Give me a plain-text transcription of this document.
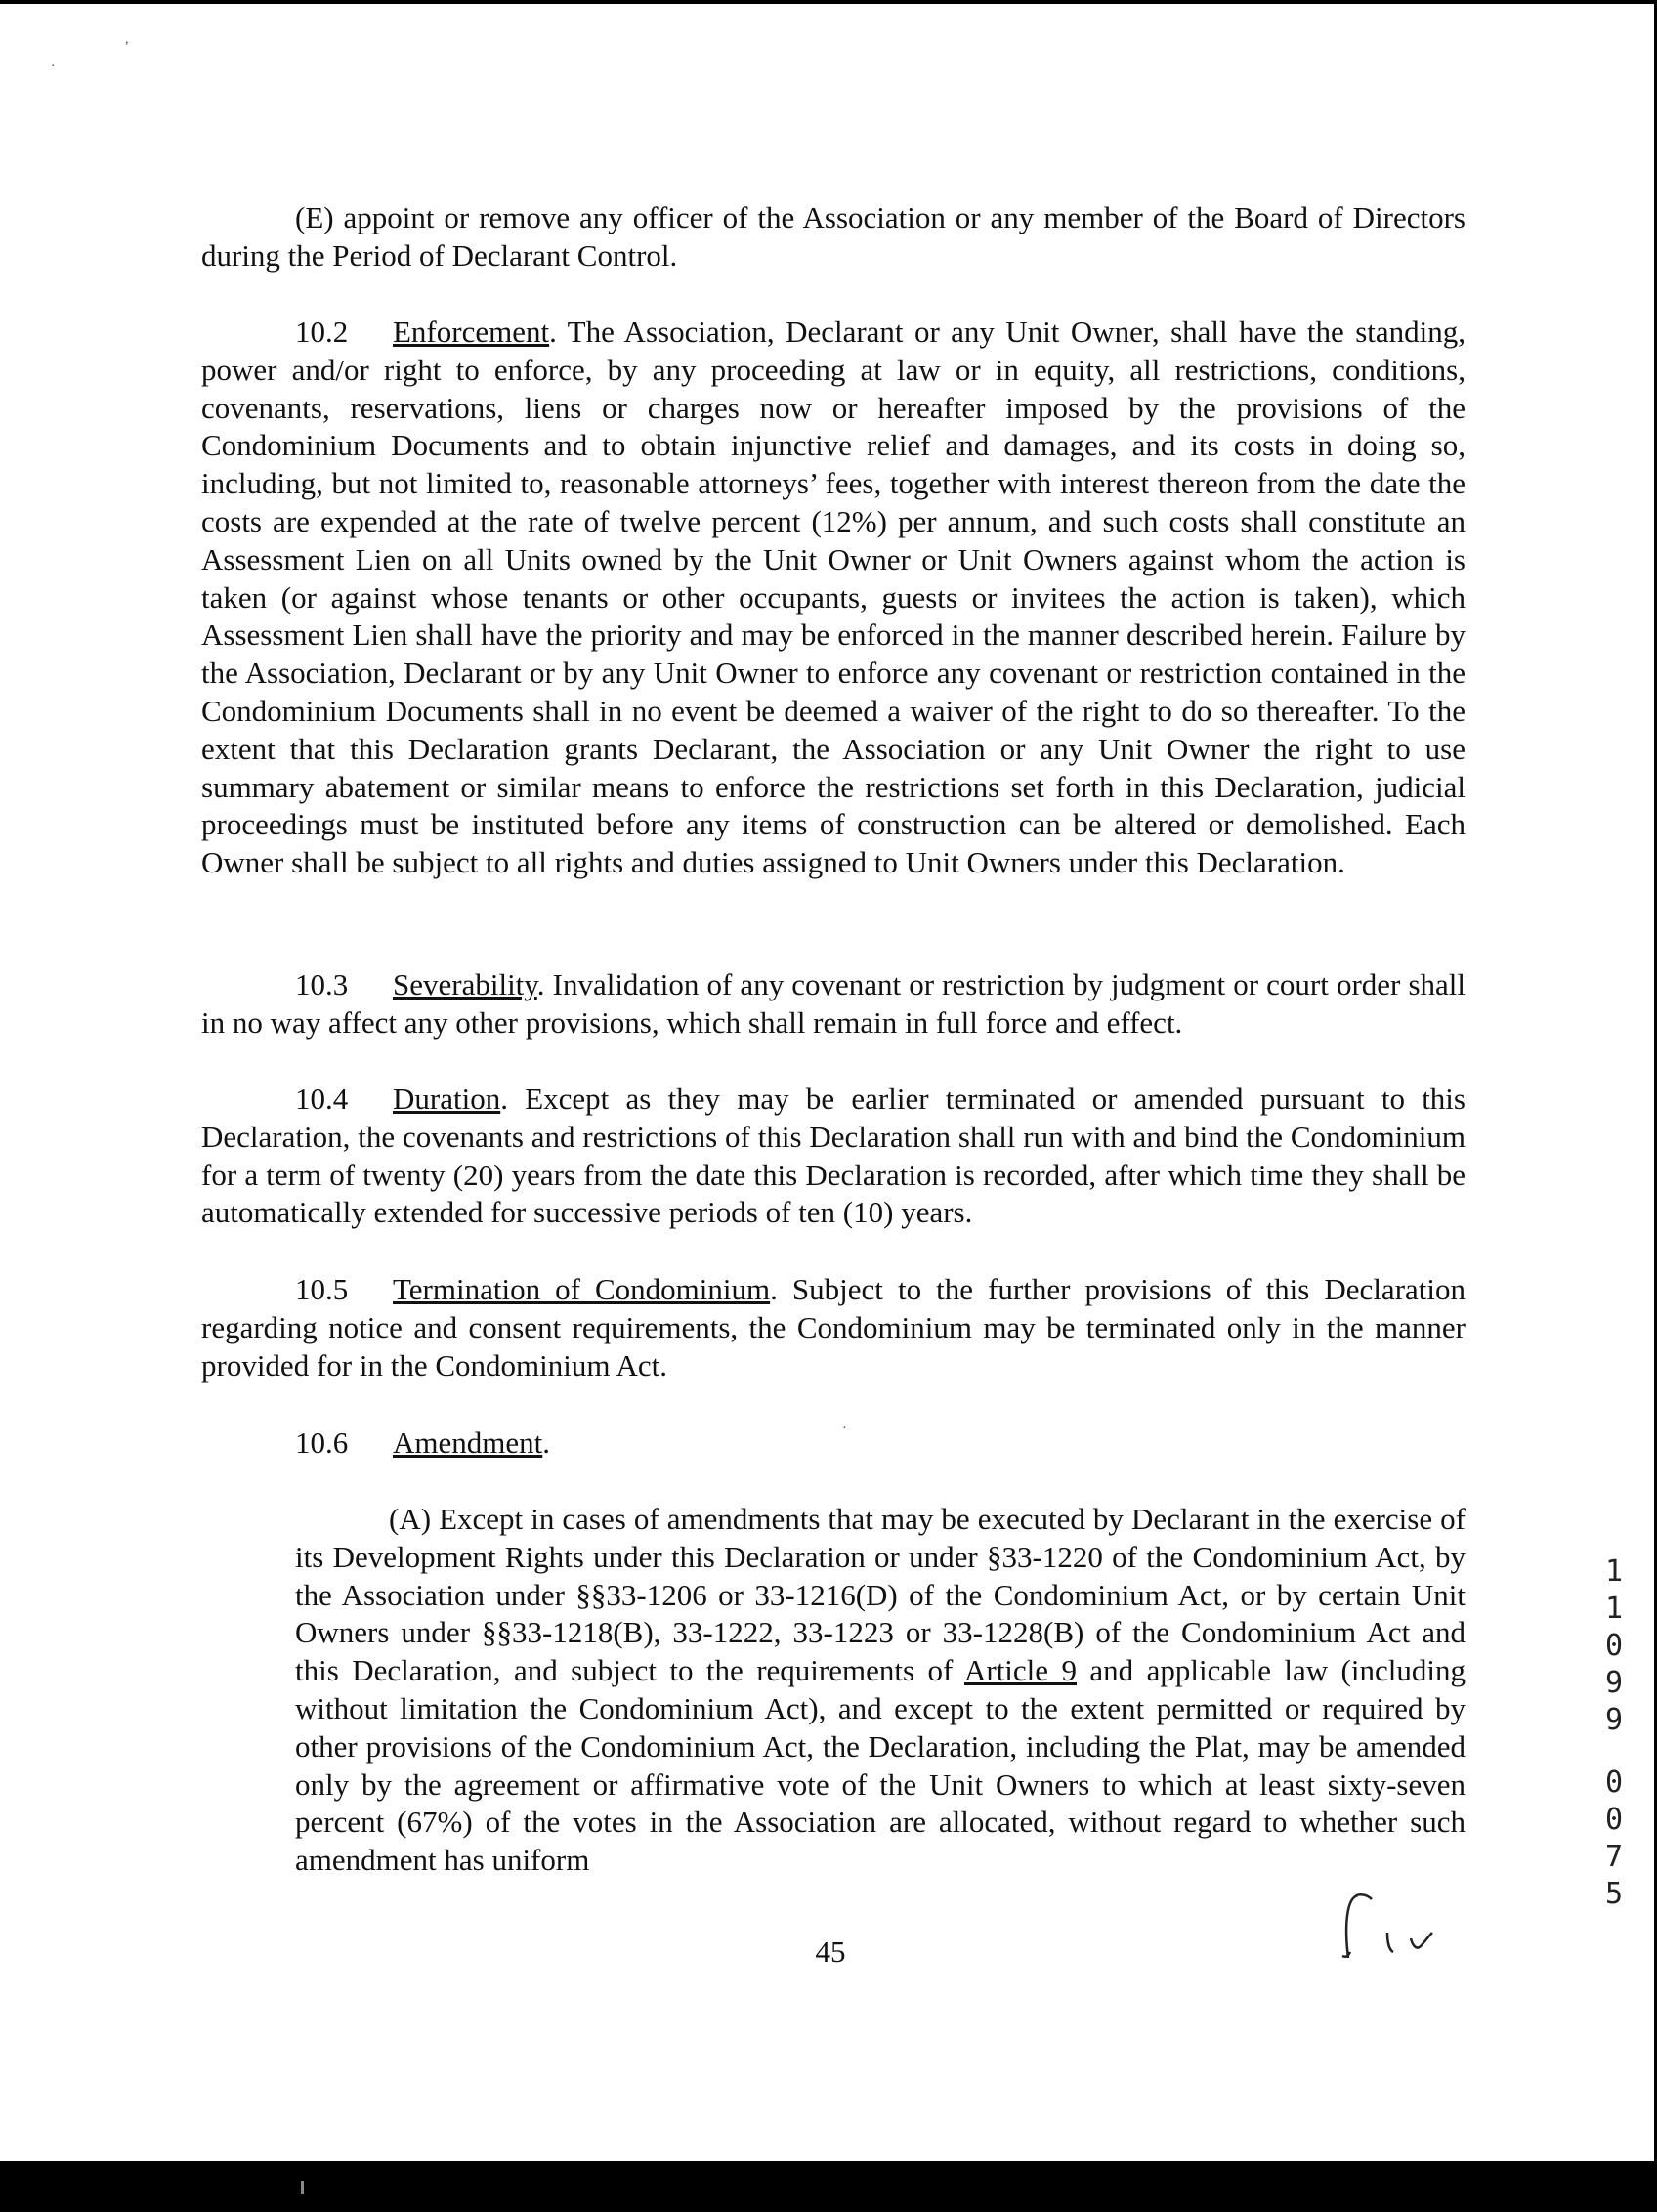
,
·
·

(E) appoint or remove any officer of the Association or any member of the Board of Directors during the Period of Declarant Control.

10.2 Enforcement. The Association, Declarant or any Unit Owner, shall have the standing, power and/or right to enforce, by any proceeding at law or in equity, all restrictions, conditions, covenants, reservations, liens or charges now or hereafter imposed by the provisions of the Condominium Documents and to obtain injunctive relief and damages, and its costs in doing so, including, but not limited to, reasonable attorneys’ fees, together with interest thereon from the date the costs are expended at the rate of twelve percent (12%) per annum, and such costs shall constitute an Assessment Lien on all Units owned by the Unit Owner or Unit Owners against whom the action is taken (or against whose tenants or other occupants, guests or invitees the action is taken), which Assessment Lien shall have the priority and may be enforced in the manner described herein. Failure by the Association, Declarant or by any Unit Owner to enforce any covenant or restriction contained in the Condominium Documents shall in no event be deemed a waiver of the right to do so thereafter. To the extent that this Declaration grants Declarant, the Association or any Unit Owner the right to use summary abatement or similar means to enforce the restrictions set forth in this Declaration, judicial proceedings must be instituted before any items of construction can be altered or demolished. Each Owner shall be subject to all rights and duties assigned to Unit Owners under this Declaration.

10.3 Severability. Invalidation of any covenant or restriction by judgment or court order shall in no way affect any other provisions, which shall remain in full force and effect.

10.4 Duration. Except as they may be earlier terminated or amended pursuant to this Declaration, the covenants and restrictions of this Declaration shall run with and bind the Condominium for a term of twenty (20) years from the date this Declaration is recorded, after which time they shall be automatically extended for successive periods of ten (10) years.

10.5 Termination of Condominium. Subject to the further provisions of this Declaration regarding notice and consent requirements, the Condominium may be terminated only in the manner provided for in the Condominium Act.

10.6 Amendment.

(A) Except in cases of amendments that may be executed by Declarant in the exercise of its Development Rights under this Declaration or under §33-1220 of the Condominium Act, by the Association under §§33-1206 or 33-1216(D) of the Condominium Act, or by certain Unit Owners under §§33-1218(B), 33-1222, 33-1223 or 33-1228(B) of the Condominium Act and this Declaration, and subject to the requirements of Article 9 and applicable law (including without limitation the Condominium Act), and except to the extent permitted or required by other provisions of the Condominium Act, the Declaration, including the Plat, may be amended only by the agreement or affirmative vote of the Unit Owners to which at least sixty-seven percent (67%) of the votes in the Association are allocated, without regard to whether such amendment has uniform

45
1
1
0
9
9
0
0
7
5
